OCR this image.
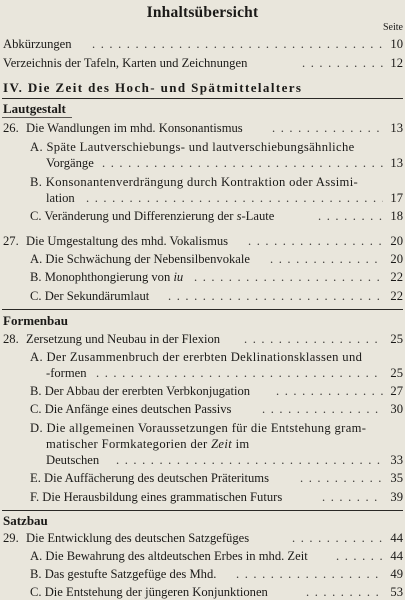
Inhaltsübersicht
Seite
Abkürzungen . . .	10
Verzeichnis der Tafeln, Karten und Zeichnungen . . .	12
IV. Die Zeit des Hoch- und Spätmittelalters
Lautgestalt
26. Die Wandlungen im mhd. Konsonantismus . . .	13
A. Späte Lautverschiebungs- und lautverschiebungsähnliche
Vorgänge . . .	13
B. Konsonantenverdrängung durch Kontraktion oder Assimi-
lation . . .	17
C. Veränderung und Differenzierung der s-Laute . . .	18
27. Die Umgestaltung des mhd. Vokalismus . . .	20
A. Die Schwächung der Nebensilbenvokale . . .	20
B. Monophthongierung von iu . . .	22
C. Der Sekundärumlaut . . .	22
Formenbau
28. Zersetzung und Neubau in der Flexion . . .	25
A. Der Zusammenbruch der ererbten Deklinationsklassen und
-formen . . .	25
B. Der Abbau der ererbten Verbkonjugation . . .	27
C. Die Anfänge eines deutschen Passivs . . .	30
D. Die allgemeinen Voraussetzungen für die Entstehung gram-
matischer Formkategorien der Zeit im
Deutschen . . .	33
E. Die Auffächerung des deutschen Präteritums . . .	35
F. Die Herausbildung eines grammatischen Futurs . . .	39
Satzbau
29. Die Entwicklung des deutschen Satzgefüges . . .	44
A. Die Bewahrung des altdeutschen Erbes in mhd. Zeit . . .	44
B. Das gestufte Satzgefüge des Mhd. . . .	49
C. Die Entstehung der jüngeren Konjunktionen . . .	53
